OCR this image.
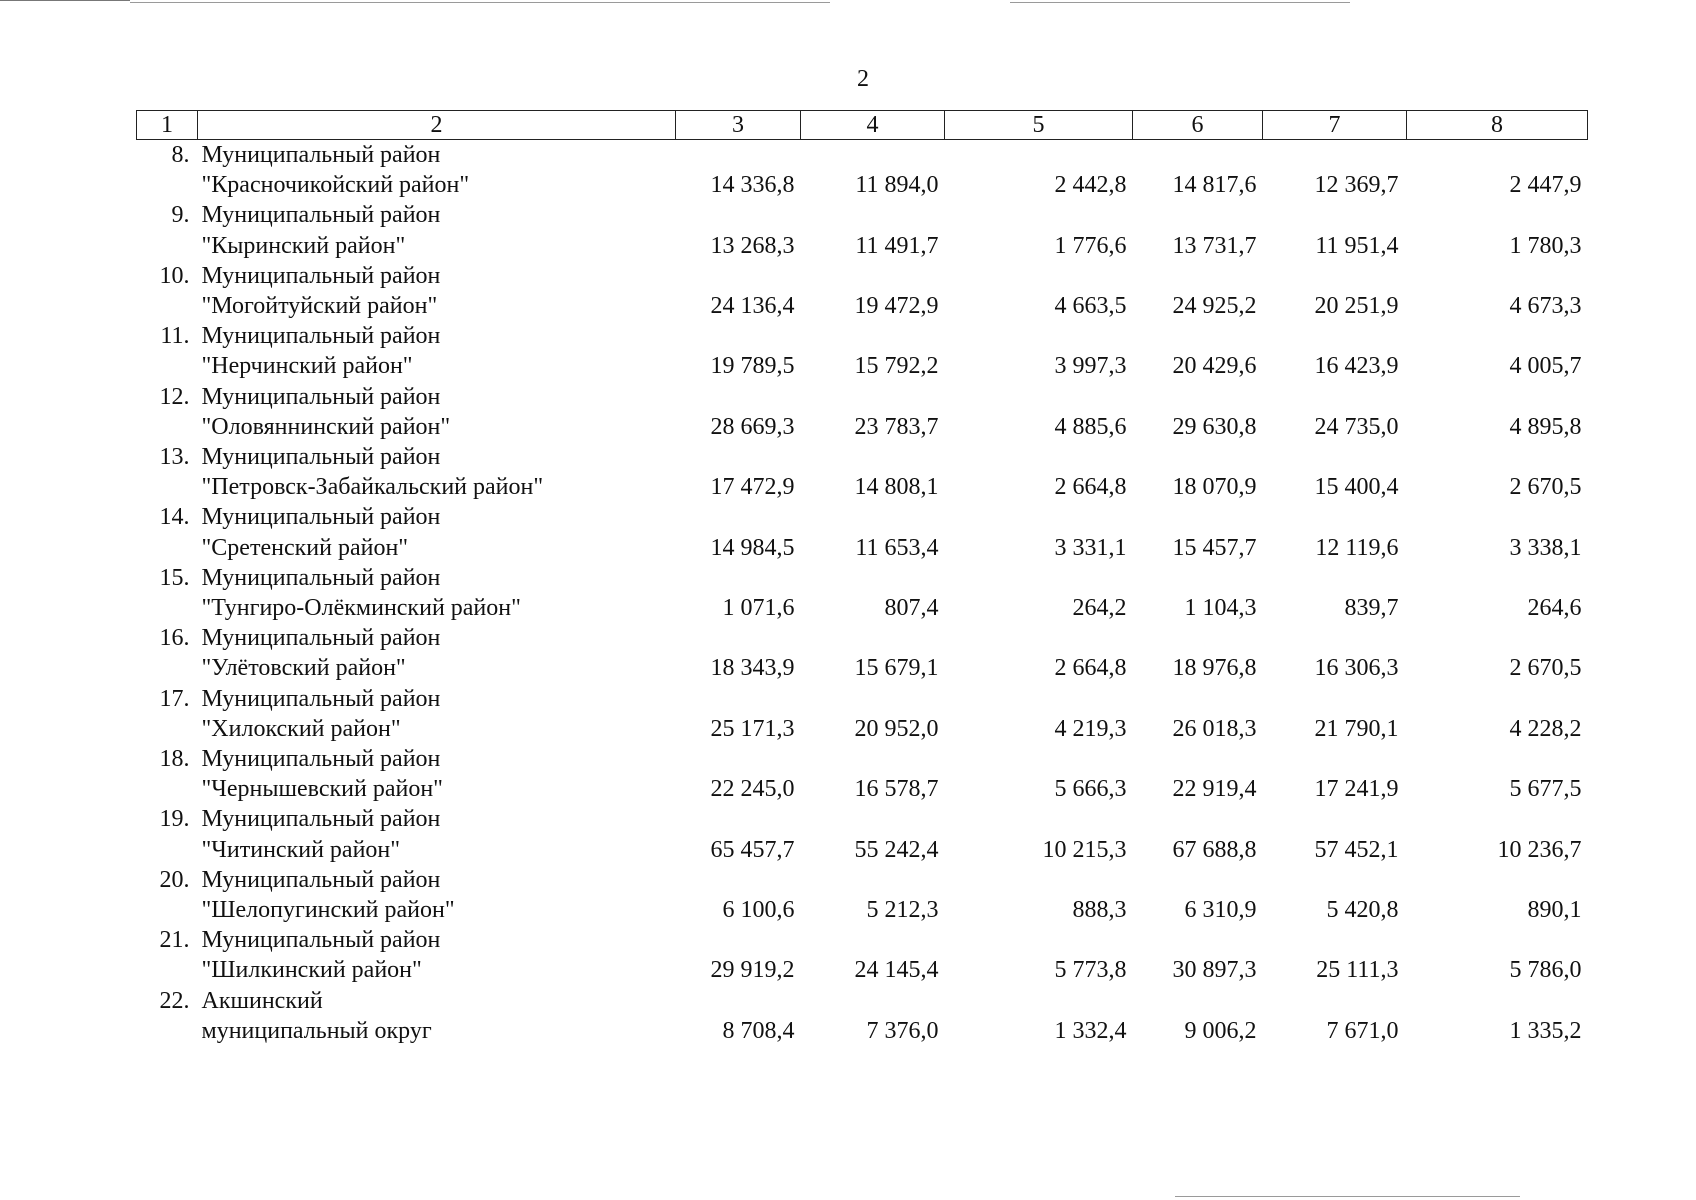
2
1	2	3	4	5	6	7	8
8.	Муниципальный район						
	"Красночикойский район"	14 336,8	11 894,0	2 442,8	14 817,6	12 369,7	2 447,9
9.	Муниципальный район						
	"Кыринский район"	13 268,3	11 491,7	1 776,6	13 731,7	11 951,4	1 780,3
10.	Муниципальный район						
	"Могойтуйский район"	24 136,4	19 472,9	4 663,5	24 925,2	20 251,9	4 673,3
11.	Муниципальный район						
	"Нерчинский район"	19 789,5	15 792,2	3 997,3	20 429,6	16 423,9	4 005,7
12.	Муниципальный район						
	"Оловяннинский район"	28 669,3	23 783,7	4 885,6	29 630,8	24 735,0	4 895,8
13.	Муниципальный район						
	"Петровск-Забайкальский район"	17 472,9	14 808,1	2 664,8	18 070,9	15 400,4	2 670,5
14.	Муниципальный район						
	"Сретенский район"	14 984,5	11 653,4	3 331,1	15 457,7	12 119,6	3 338,1
15.	Муниципальный район						
	"Тунгиро-Олёкминский район"	1 071,6	807,4	264,2	1 104,3	839,7	264,6
16.	Муниципальный район						
	"Улётовский район"	18 343,9	15 679,1	2 664,8	18 976,8	16 306,3	2 670,5
17.	Муниципальный район						
	"Хилокский район"	25 171,3	20 952,0	4 219,3	26 018,3	21 790,1	4 228,2
18.	Муниципальный район						
	"Чернышевский район"	22 245,0	16 578,7	5 666,3	22 919,4	17 241,9	5 677,5
19.	Муниципальный район						
	"Читинский район"	65 457,7	55 242,4	10 215,3	67 688,8	57 452,1	10 236,7
20.	Муниципальный район						
	"Шелопугинский район"	6 100,6	5 212,3	888,3	6 310,9	5 420,8	890,1
21.	Муниципальный район						
	"Шилкинский район"	29 919,2	24 145,4	5 773,8	30 897,3	25 111,3	5 786,0
22.	Акшинский						
	муниципальный округ	8 708,4	7 376,0	1 332,4	9 006,2	7 671,0	1 335,2
